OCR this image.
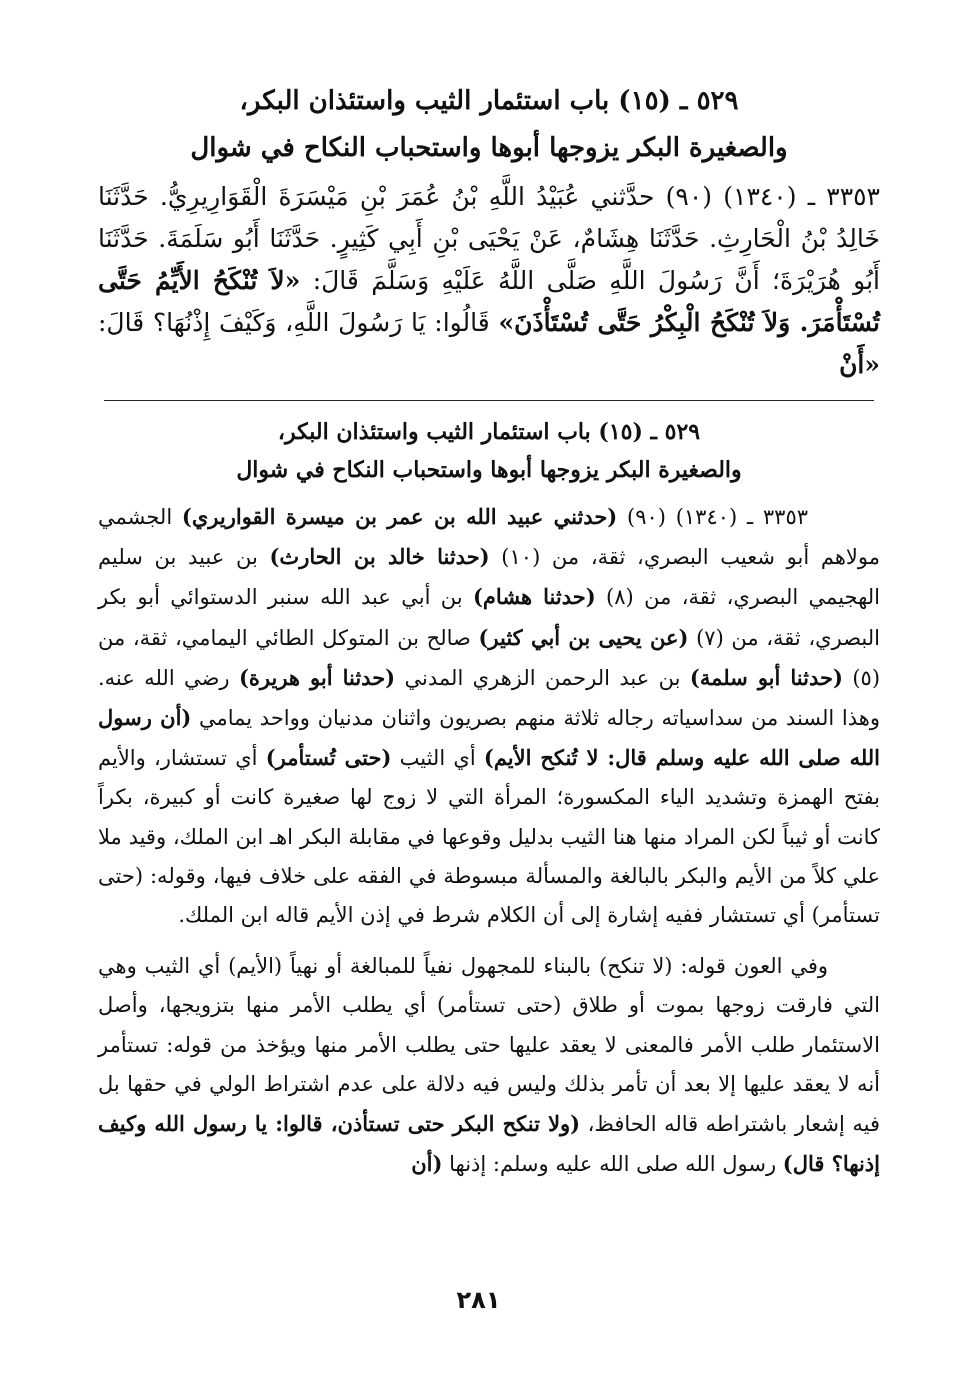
٥٢٩ ـ (١٥) باب استئمار الثيب واستئذان البكر،
والصغيرة البكر يزوجها أبوها واستحباب النكاح في شوال

٣٣٥٣ ـ (١٣٤٠) (٩٠) حدَّثني عُبَيْدُ اللَّهِ بْنُ عُمَرَ بْنِ مَيْسَرَةَ الْقَوَارِيرِيُّ. حَدَّثَنَا خَالِدُ بْنُ الْحَارِثِ. حَدَّثَنَا هِشَامٌ، عَنْ يَحْيَى بْنِ أَبِي كَثِيرٍ. حَدَّثَنَا أَبُو سَلَمَةَ. حَدَّثَنَا أَبُو هُرَيْرَةَ؛ أَنَّ رَسُولَ اللَّهِ صَلَّى اللَّهُ عَلَيْهِ وَسَلَّمَ قَالَ: «لاَ تُنْكَحُ الأَيِّمُ حَتَّى تُسْتَأْمَرَ. وَلاَ تُنْكَحُ الْبِكْرُ حَتَّى تُسْتَأْذَنَ» قَالُوا: يَا رَسُولَ اللَّهِ، وَكَيْفَ إِذْنُهَا؟ قَالَ: «أَنْ

٥٢٩ ـ (١٥) باب استئمار الثيب واستئذان البكر،
والصغيرة البكر يزوجها أبوها واستحباب النكاح في شوال

٣٣٥٣ ـ (١٣٤٠) (٩٠) (حدثني عبيد الله بن عمر بن ميسرة القواريري) الجشمي مولاهم أبو شعيب البصري، ثقة، من (١٠) (حدثنا خالد بن الحارث) بن عبيد بن سليم الهجيمي البصري، ثقة، من (٨) (حدثنا هشام) بن أبي عبد الله سنبر الدستوائي أبو بكر البصري، ثقة، من (٧) (عن يحيى بن أبي كثير) صالح بن المتوكل الطائي اليمامي، ثقة، من (٥) (حدثنا أبو سلمة) بن عبد الرحمن الزهري المدني (حدثنا أبو هريرة) رضي الله عنه. وهذا السند من سداسياته رجاله ثلاثة منهم بصريون واثنان مدنيان وواحد يمامي (أن رسول الله صلى الله عليه وسلم قال: لا تُنكح الأيم) أي الثيب (حتى تُستأمر) أي تستشار، والأيم بفتح الهمزة وتشديد الياء المكسورة؛ المرأة التي لا زوج لها صغيرة كانت أو كبيرة، بكراً كانت أو ثيباً لكن المراد منها هنا الثيب بدليل وقوعها في مقابلة البكر اهـ ابن الملك، وقيد ملا علي كلاً من الأيم والبكر بالبالغة والمسألة مبسوطة في الفقه على خلاف فيها، وقوله: (حتى تستأمر) أي تستشار ففيه إشارة إلى أن الكلام شرط في إذن الأيم قاله ابن الملك.

وفي العون قوله: (لا تنكح) بالبناء للمجهول نفياً للمبالغة أو نهياً (الأيم) أي الثيب وهي التي فارقت زوجها بموت أو طلاق (حتى تستأمر) أي يطلب الأمر منها بتزويجها، وأصل الاستئمار طلب الأمر فالمعنى لا يعقد عليها حتى يطلب الأمر منها ويؤخذ من قوله: تستأمر أنه لا يعقد عليها إلا بعد أن تأمر بذلك وليس فيه دلالة على عدم اشتراط الولي في حقها بل فيه إشعار باشتراطه قاله الحافظ، (ولا تنكح البكر حتى تستأذن، قالوا: يا رسول الله وكيف إذنها؟ قال) رسول الله صلى الله عليه وسلم: إذنها (أن

٢٨١
